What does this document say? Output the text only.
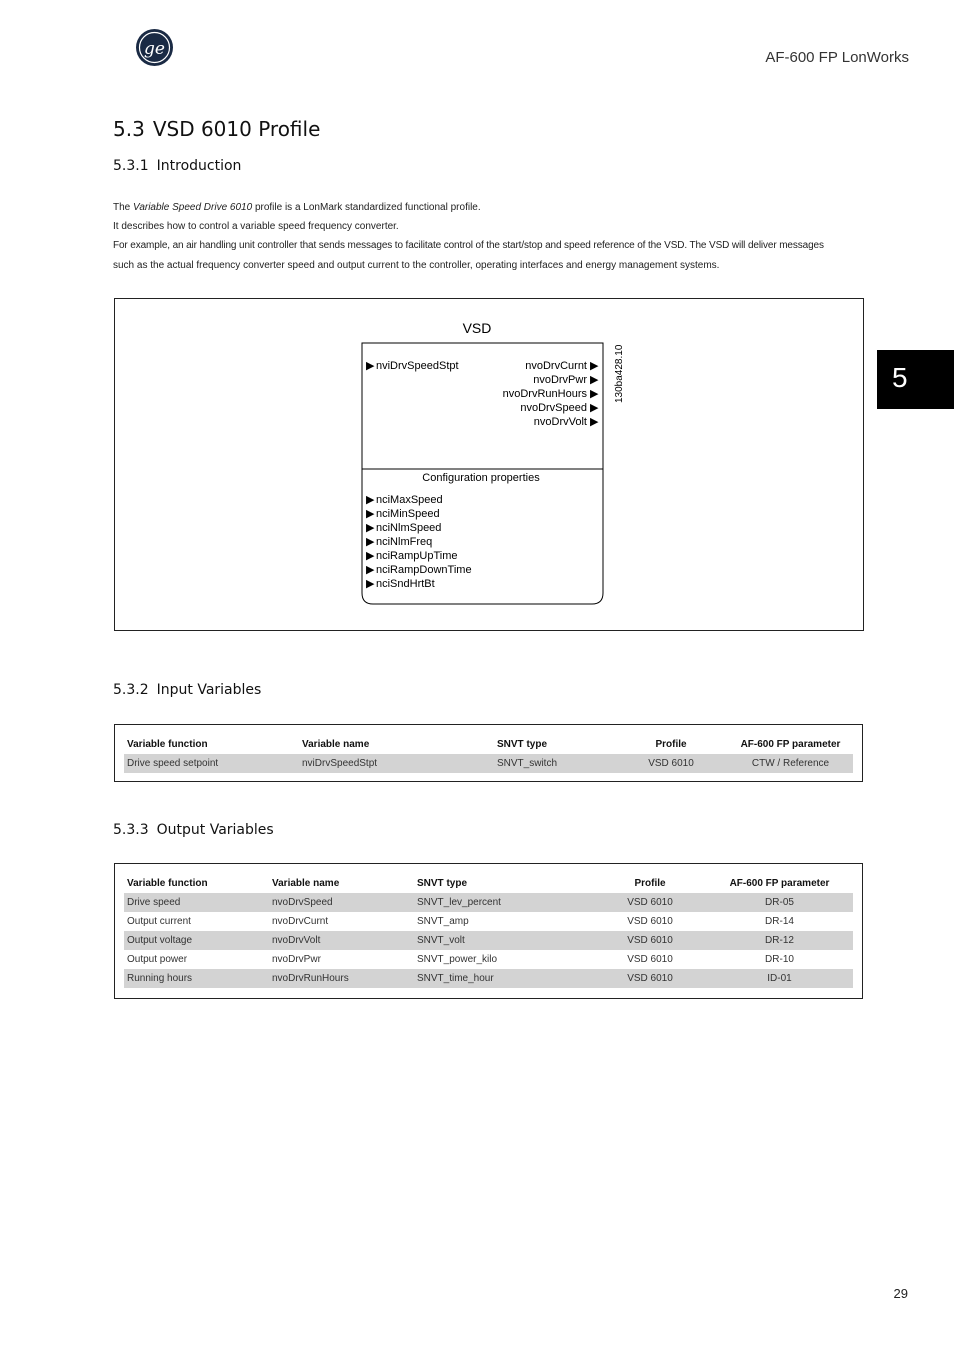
ge	AF-600 FP LonWorks
5
5.3 VSD 6010 Profile
5.3.1 Introduction
The Variable Speed Drive 6010 profile is a LonMark standardized functional profile.
It describes how to control a variable speed frequency converter.
For example, an air handling unit controller that sends messages to facilitate control of the start/stop and speed reference of the VSD. The VSD will deliver messages
such as the actual frequency converter speed and output current to the controller, operating interfaces and energy management systems.
VSD
▶ nviDrvSpeedStpt	nvoDrvCurnt ▶
nvoDrvPwr ▶
nvoDrvRunHours ▶
nvoDrvSpeed ▶
nvoDrvVolt ▶
Configuration properties
▶ nciMaxSpeed
▶ nciMinSpeed
▶ nciNlmSpeed
▶ nciNlmFreq
▶ nciRampUpTime
▶ nciRampDownTime
▶ nciSndHrtBt
130ba428.10
5.3.2 Input Variables
Variable function	Variable name	SNVT type	Profile	AF-600 FP parameter
Drive speed setpoint	nviDrvSpeedStpt	SNVT_switch	VSD 6010	CTW / Reference
5.3.3 Output Variables
Variable function	Variable name	SNVT type	Profile	AF-600 FP parameter
Drive speed	nvoDrvSpeed	SNVT_lev_percent	VSD 6010	DR-05
Output current	nvoDrvCurnt	SNVT_amp	VSD 6010	DR-14
Output voltage	nvoDrvVolt	SNVT_volt	VSD 6010	DR-12
Output power	nvoDrvPwr	SNVT_power_kilo	VSD 6010	DR-10
Running hours	nvoDrvRunHours	SNVT_time_hour	VSD 6010	ID-01
29
